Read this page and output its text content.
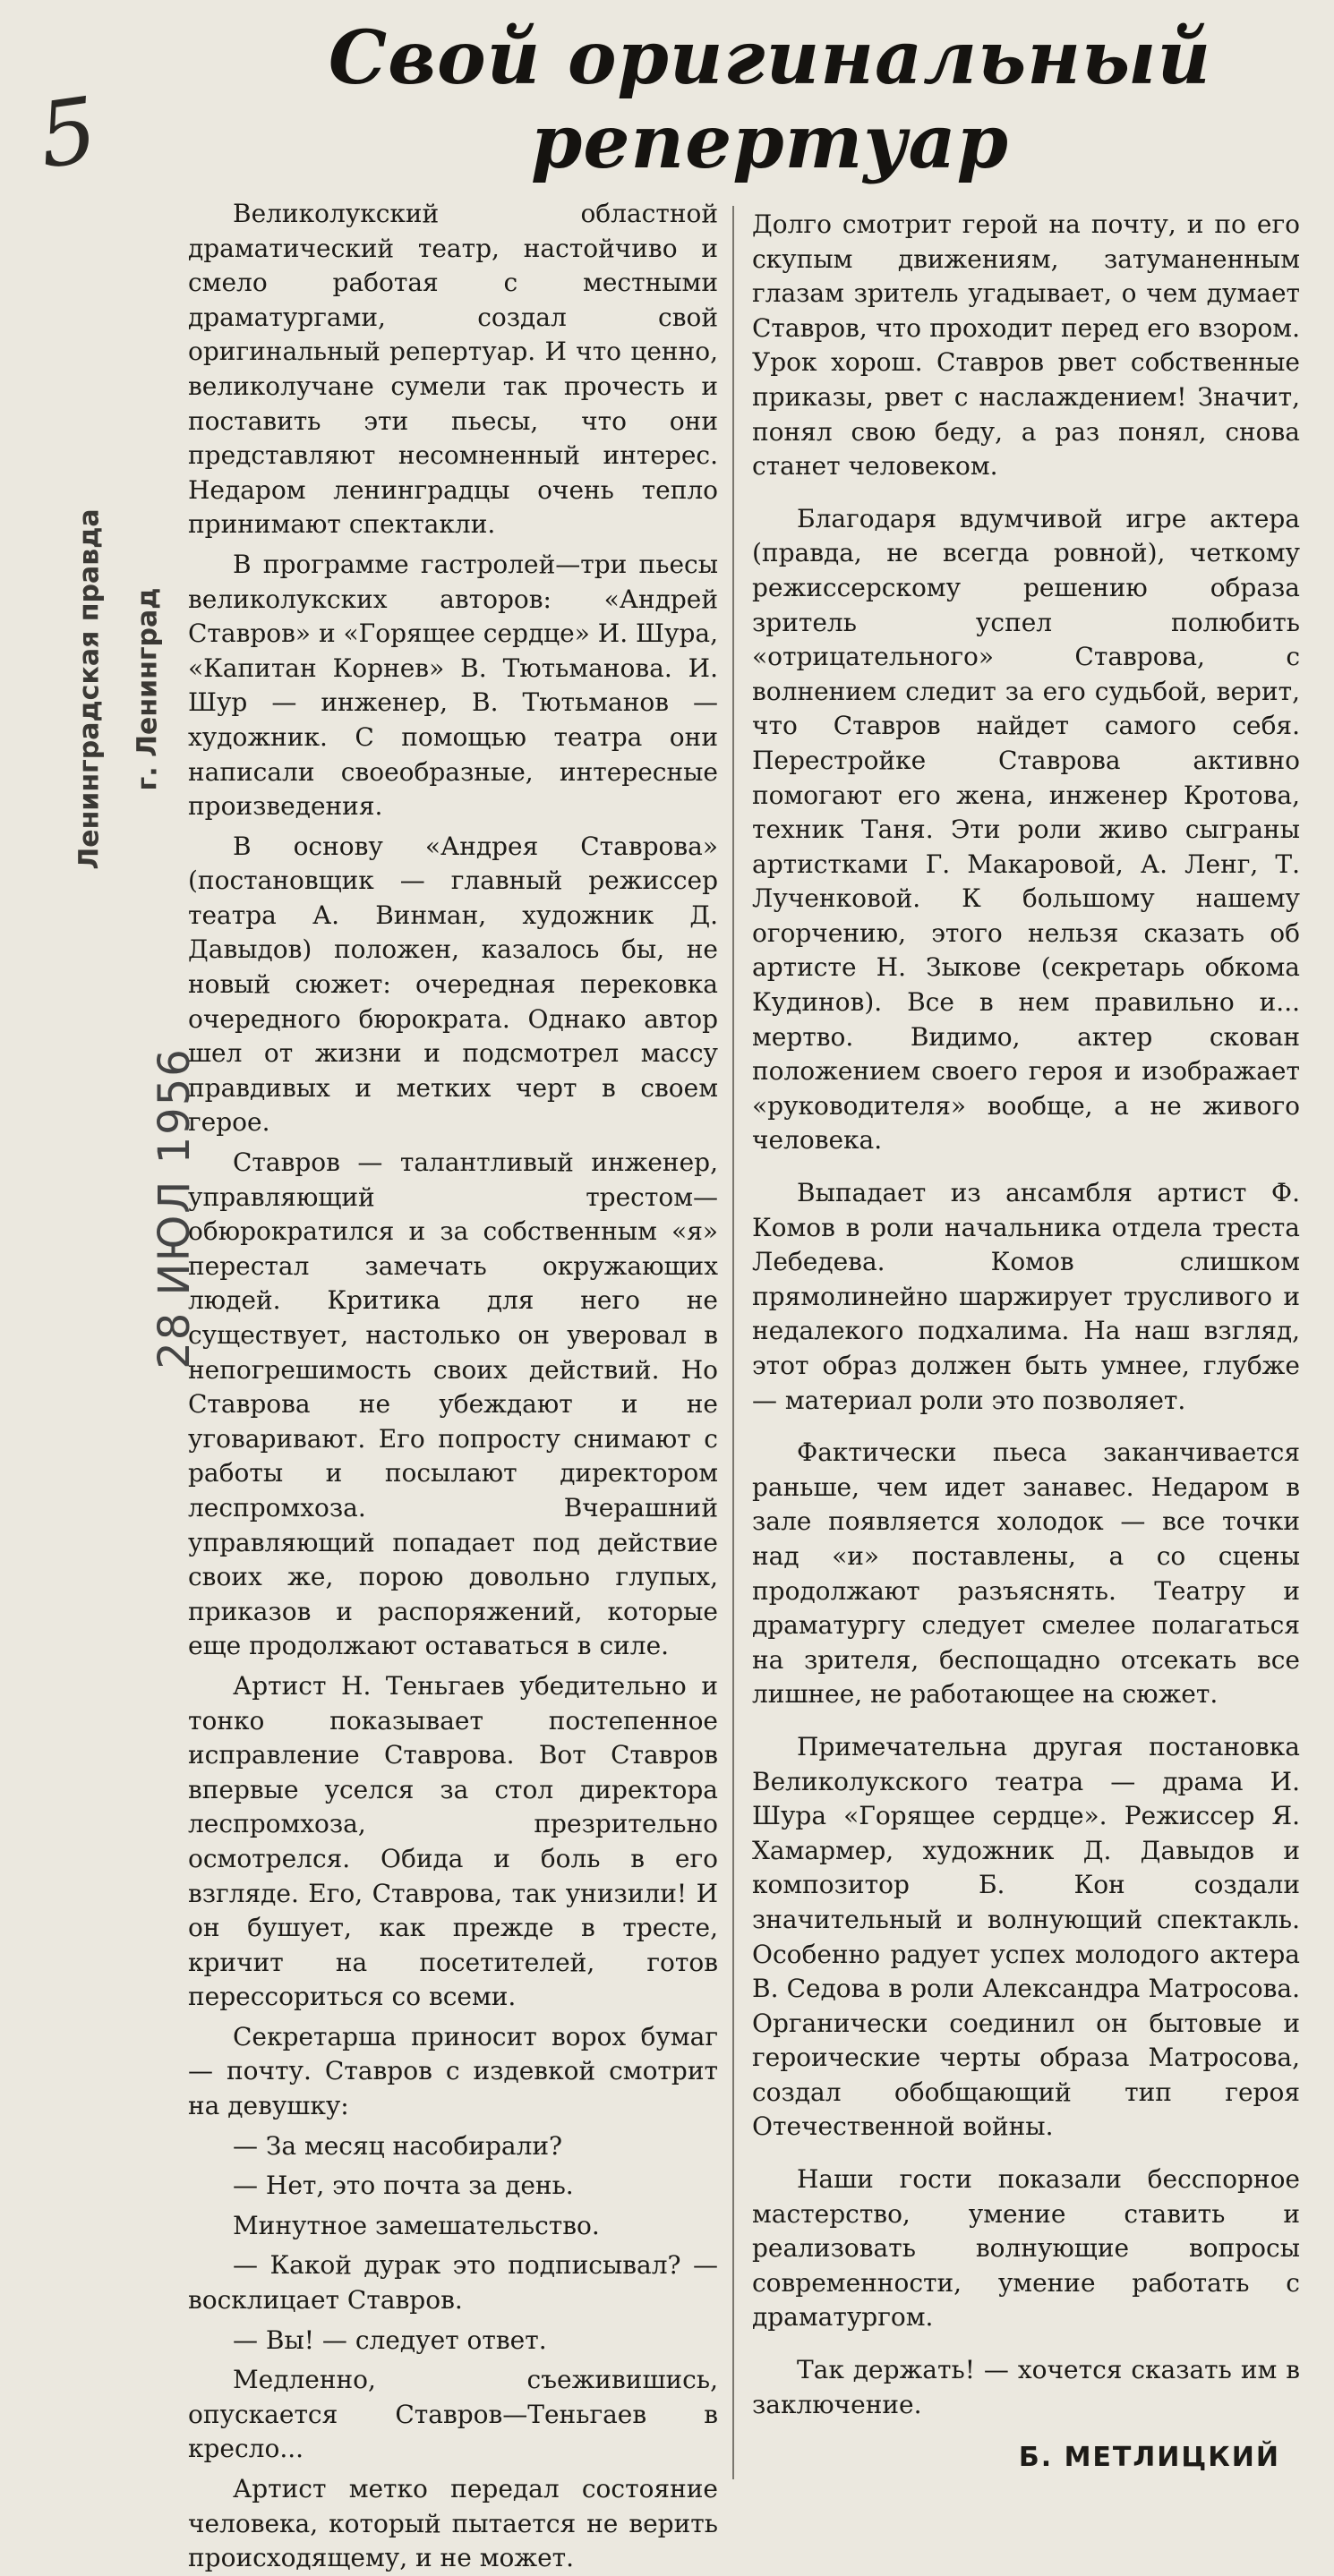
5
Свой оригинальный
репертуар
Ленинградская правда г. Ленинград
28 ИЮЛ 1956

Великолукский областной драматический театр, настойчиво и смело работая с местными драматургами, создал свой оригинальный репертуар. И что ценно, великолучане сумели так прочесть и поставить эти пьесы, что они представляют несомненный интерес. Недаром ленинградцы очень тепло принимают спектакли.

В программе гастролей—три пьесы великолукских авторов: «Андрей Ставров» и «Горящее сердце» И. Шура, «Капитан Корнев» В. Тютьманова. И. Шур — инженер, В. Тютьманов — художник. С помощью театра они написали своеобразные, интересные произведения.

В основу «Андрея Ставрова» (постановщик — главный режиссер театра А. Винман, художник Д. Давыдов) положен, казалось бы, не новый сюжет: очередная перековка очередного бюрократа. Однако автор шел от жизни и подсмотрел массу правдивых и метких черт в своем герое.

Ставров — талантливый инженер, управляющий трестом—обюрократился и за собственным «я» перестал замечать окружающих людей. Критика для него не существует, настолько он уверовал в непогрешимость своих действий. Но Ставрова не убеждают и не уговаривают. Его попросту снимают с работы и посылают директором леспромхоза. Вчерашний управляющий попадает под действие своих же, порою довольно глупых, приказов и распоряжений, которые еще продолжают оставаться в силе.

Артист Н. Теньгаев убедительно и тонко показывает постепенное исправление Ставрова. Вот Ставров впервые уселся за стол директора леспромхоза, презрительно осмотрелся. Обида и боль в его взгляде. Его, Ставрова, так унизили! И он бушует, как прежде в тресте, кричит на посетителей, готов перессориться со всеми.

Секретарша приносит ворох бумаг — почту. Ставров с издевкой смотрит на девушку:

— За месяц насобирали?

— Нет, это почта за день.

Минутное замешательство.

— Какой дурак это подписывал? — восклицает Ставров.

— Вы! — следует ответ.

Медленно, съеживишись, опускается Ставров—Теньгаев в кресло...

Артист метко передал состояние человека, который пытается не верить происходящему, и не может.

Долго смотрит герой на почту, и по его скупым движениям, затуманенным глазам зритель угадывает, о чем думает Ставров, что проходит перед его взором. Урок хорош. Ставров рвет собственные приказы, рвет с наслаждением! Значит, понял свою беду, а раз понял, снова станет человеком.

Благодаря вдумчивой игре актера (правда, не всегда ровной), четкому режиссерскому решению образа зритель успел полюбить «отрицательного» Ставрова, с волнением следит за его судьбой, верит, что Ставров найдет самого себя. Перестройке Ставрова активно помогают его жена, инженер Кротова, техник Таня. Эти роли живо сыграны артистками Г. Макаровой, А. Ленг, Т. Лученковой. К большому нашему огорчению, этого нельзя сказать об артисте Н. Зыкове (секретарь обкома Кудинов). Все в нем правильно и... мертво. Видимо, актер скован положением своего героя и изображает «руководителя» вообще, а не живого человека.

Выпадает из ансамбля артист Ф. Комов в роли начальника отдела треста Лебедева. Комов слишком прямолинейно шаржирует трусливого и недалекого подхалима. На наш взгляд, этот образ должен быть умнее, глубже — материал роли это позволяет.

Фактически пьеса заканчивается раньше, чем идет занавес. Недаром в зале появляется холодок — все точки над «и» поставлены, а со сцены продолжают разъяснять. Театру и драматургу следует смелее полагаться на зрителя, беспощадно отсекать все лишнее, не работающее на сюжет.

Примечательна другая постановка Великолукского театра — драма И. Шура «Горящее сердце». Режиссер Я. Хамармер, художник Д. Давыдов и композитор Б. Кон создали значительный и волнующий спектакль. Особенно радует успех молодого актера В. Седова в роли Александра Матросова. Органически соединил он бытовые и героические черты образа Матросова, создал обобщающий тип героя Отечественной войны.

Наши гости показали бесспорное мастерство, умение ставить и реализовать волнующие вопросы современности, умение работать с драматургом.

Так держать! — хочется сказать им в заключение.

Б. МЕТЛИЦКИЙ
